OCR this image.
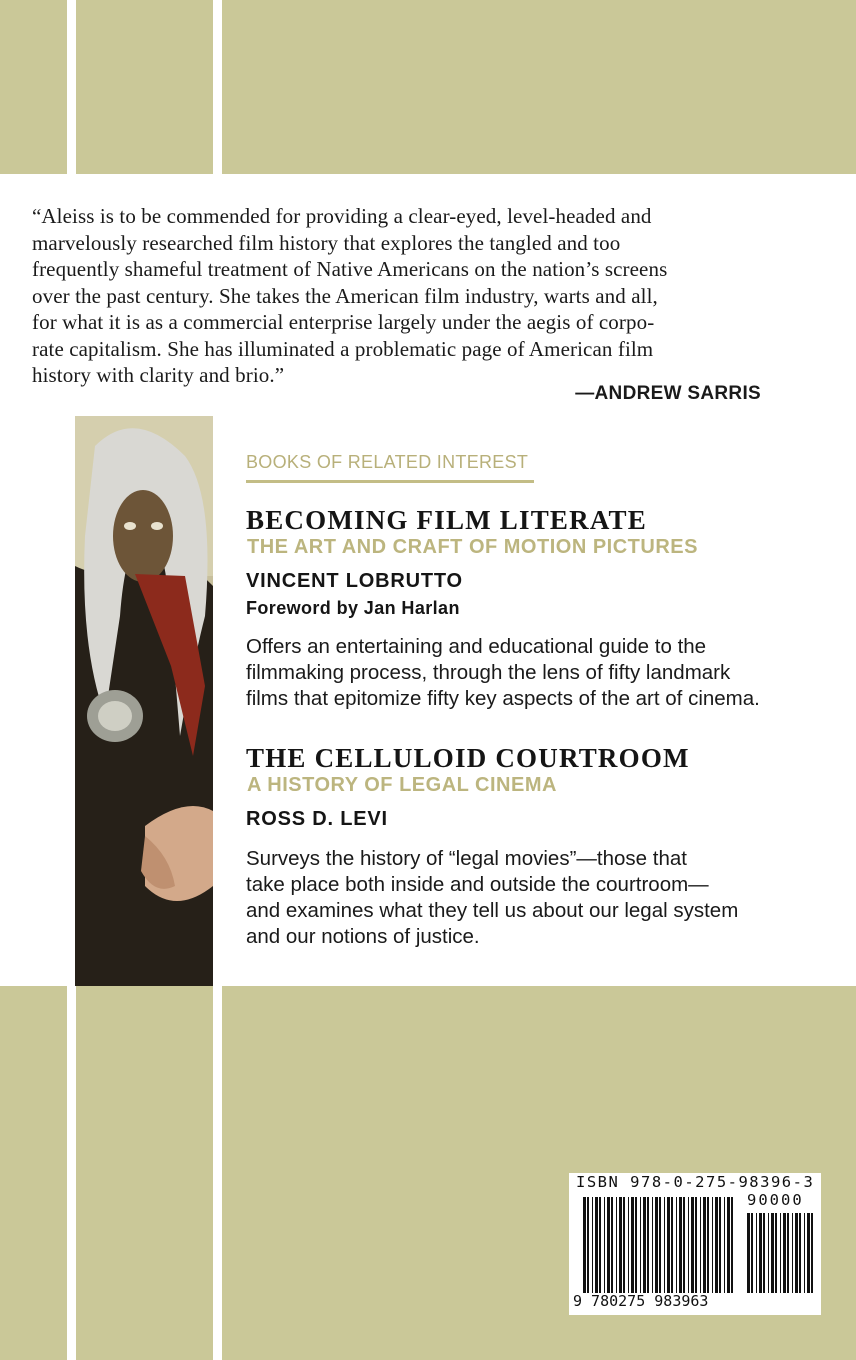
“Aleiss is to be commended for providing a clear-eyed, level-headed and
marvelously researched film history that explores the tangled and too
frequently shameful treatment of Native Americans on the nation’s screens
over the past century. She takes the American film industry, warts and all,
for what it is as a commercial enterprise largely under the aegis of corpo-
rate capitalism. She has illuminated a problematic page of American film
history with clarity and brio.”
—ANDREW SARRIS
BOOKS OF RELATED INTEREST
BECOMING FILM LITERATE
THE ART AND CRAFT OF MOTION PICTURES
VINCENT LOBRUTTO
Foreword by Jan Harlan
Offers an entertaining and educational guide to the
filmmaking process, through the lens of fifty landmark
films that epitomize fifty key aspects of the art of cinema.
THE CELLULOID COURTROOM
A HISTORY OF LEGAL CINEMA
ROSS D. LEVI
Surveys the history of “legal movies”—those that
take place both inside and outside the courtroom—
and examines what they tell us about our legal system
and our notions of justice.
ISBN 978-0-275-98396-3
90000
9 780275 983963
